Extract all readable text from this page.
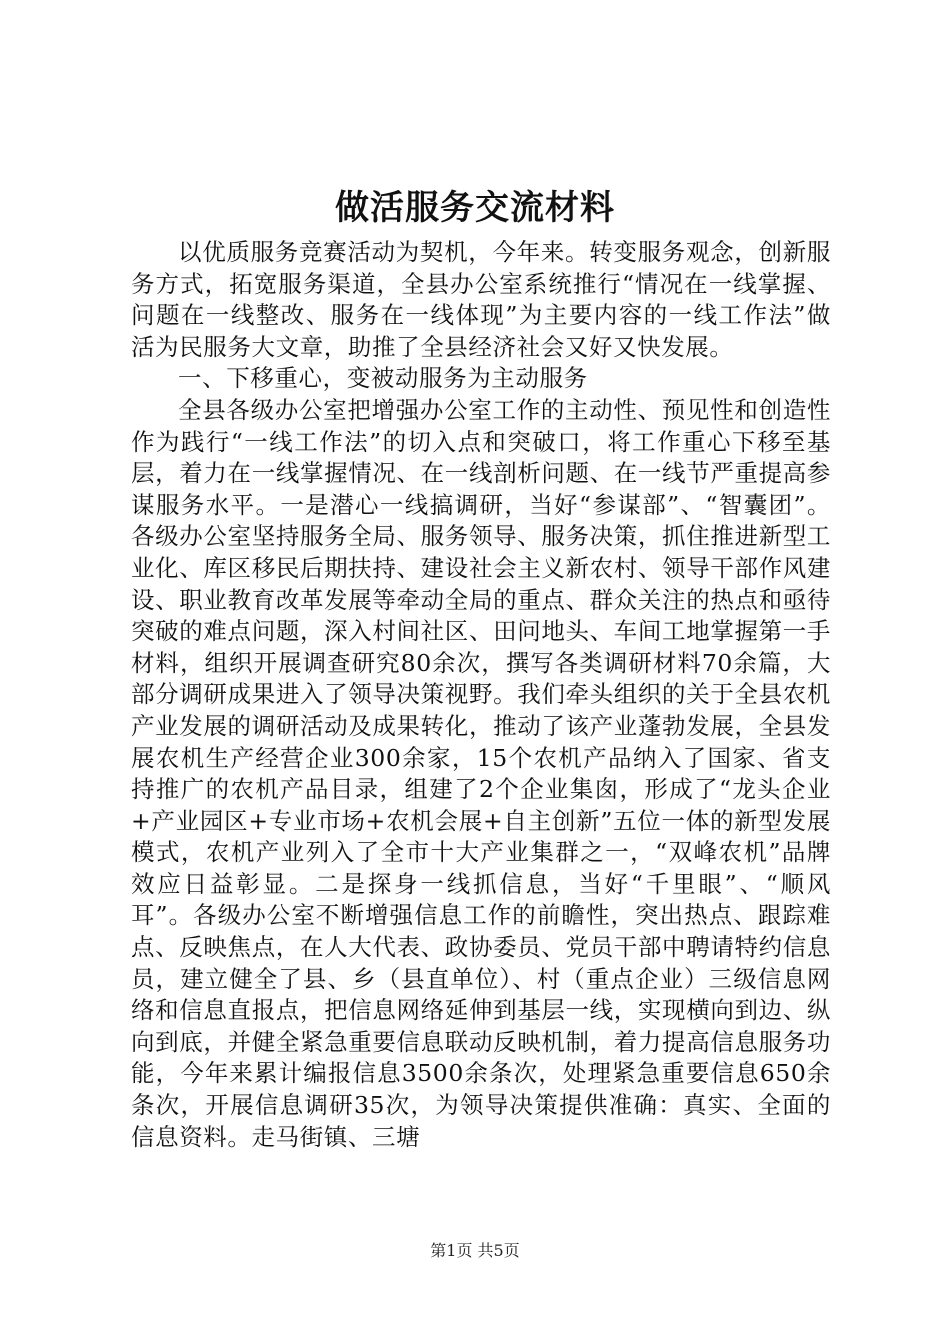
做活服务交流材料

以优质服务竞赛活动为契机，今年来。转变服务观念，创新服务方式，拓宽服务渠道，全县办公室系统推行“情况在一线掌握、问题在一线整改、服务在一线体现”为主要内容的一线工作法”做活为民服务大文章，助推了全县经济社会又好又快发展。

一、下移重心，变被动服务为主动服务

全县各级办公室把增强办公室工作的主动性、预见性和创造性作为践行“一线工作法”的切入点和突破口，将工作重心下移至基层，着力在一线掌握情况、在一线剖析问题、在一线节严重提高参谋服务水平。一是潜心一线搞调研，当好“参谋部”、“智囊团”。各级办公室坚持服务全局、服务领导、服务决策，抓住推进新型工业化、库区移民后期扶持、建设社会主义新农村、领导干部作风建设、职业教育改革发展等牵动全局的重点、群众关注的热点和亟待突破的难点问题，深入村间社区、田问地头、车间工地掌握第一手材料，组织开展调查研究80余次，撰写各类调研材料70余篇，大部分调研成果进入了领导决策视野。我们牵头组织的关于全县农机产业发展的调研活动及成果转化，推动了该产业蓬勃发展，全县发展农机生产经营企业300余家，15个农机产品纳入了国家、省支持推广的农机产品目录，组建了2个企业集囱，形成了“龙头企业+产业园区+专业市场+农机会展+自主创新”五位一体的新型发展模式，农机产业列入了全市十大产业集群之一，“双峰农机”品牌效应日益彰显。二是探身一线抓信息，当好“千里眼”、“顺风耳”。各级办公室不断增强信息工作的前瞻性，突出热点、跟踪难点、反映焦点，在人大代表、政协委员、党员干部中聘请特约信息员，建立健全了县、乡（县直单位）、村（重点企业）三级信息网络和信息直报点，把信息网络延伸到基层一线，实现横向到边、纵向到底，并健全紧急重要信息联动反映机制，着力提高信息服务功能，今年来累计编报信息3500余条次，处理紧急重要信息650余条次，开展信息调研35次，为领导决策提供准确：真实、全面的信息资料。走马街镇、三塘

第1页 共5页
